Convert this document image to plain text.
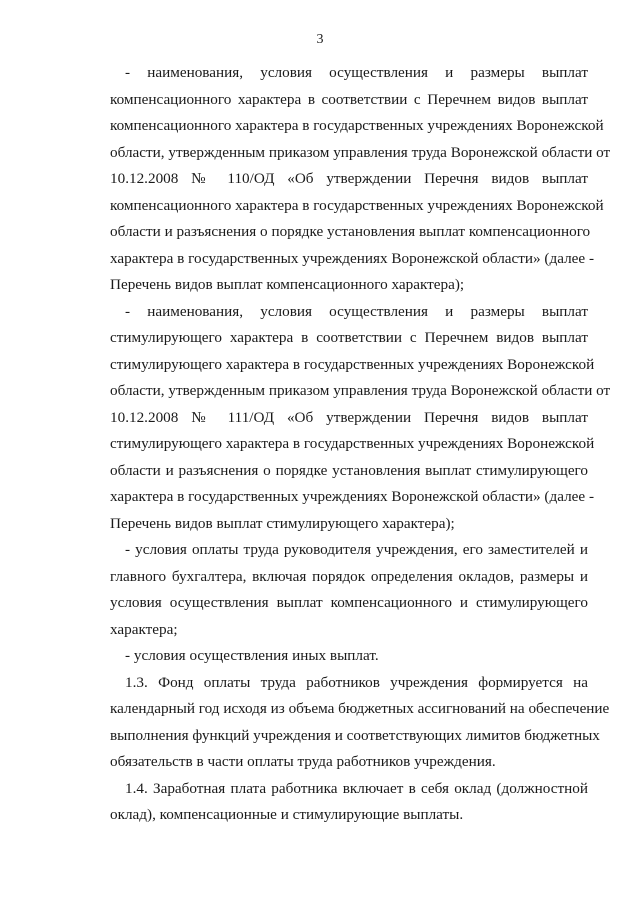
3
- наименования, условия осуществления и размеры выплат
компенсационного характера в соответствии с Перечнем видов выплат
компенсационного характера в государственных учреждениях Воронежской
области, утвержденным приказом управления труда Воронежской области от
10.12.2008 № 110/ОД «Об утверждении Перечня видов выплат
компенсационного характера в государственных учреждениях Воронежской
области и разъяснения о порядке установления выплат компенсационного
характера в государственных учреждениях Воронежской области» (далее -
Перечень видов выплат компенсационного характера);
- наименования, условия осуществления и размеры выплат
стимулирующего характера в соответствии с Перечнем видов выплат
стимулирующего характера в государственных учреждениях Воронежской
области, утвержденным приказом управления труда Воронежской области от
10.12.2008 № 111/ОД «Об утверждении Перечня видов выплат
стимулирующего характера в государственных учреждениях Воронежской
области и разъяснения о порядке установления выплат стимулирующего
характера в государственных учреждениях Воронежской области» (далее -
Перечень видов выплат стимулирующего характера);
- условия оплаты труда руководителя учреждения, его заместителей и
главного бухгалтера, включая порядок определения окладов, размеры и
условия осуществления выплат компенсационного и стимулирующего
характера;
- условия осуществления иных выплат.
1.3. Фонд оплаты труда работников учреждения формируется на
календарный год исходя из объема бюджетных ассигнований на обеспечение
выполнения функций учреждения и соответствующих лимитов бюджетных
обязательств в части оплаты труда работников учреждения.
1.4. Заработная плата работника включает в себя оклад (должностной
оклад), компенсационные и стимулирующие выплаты.
